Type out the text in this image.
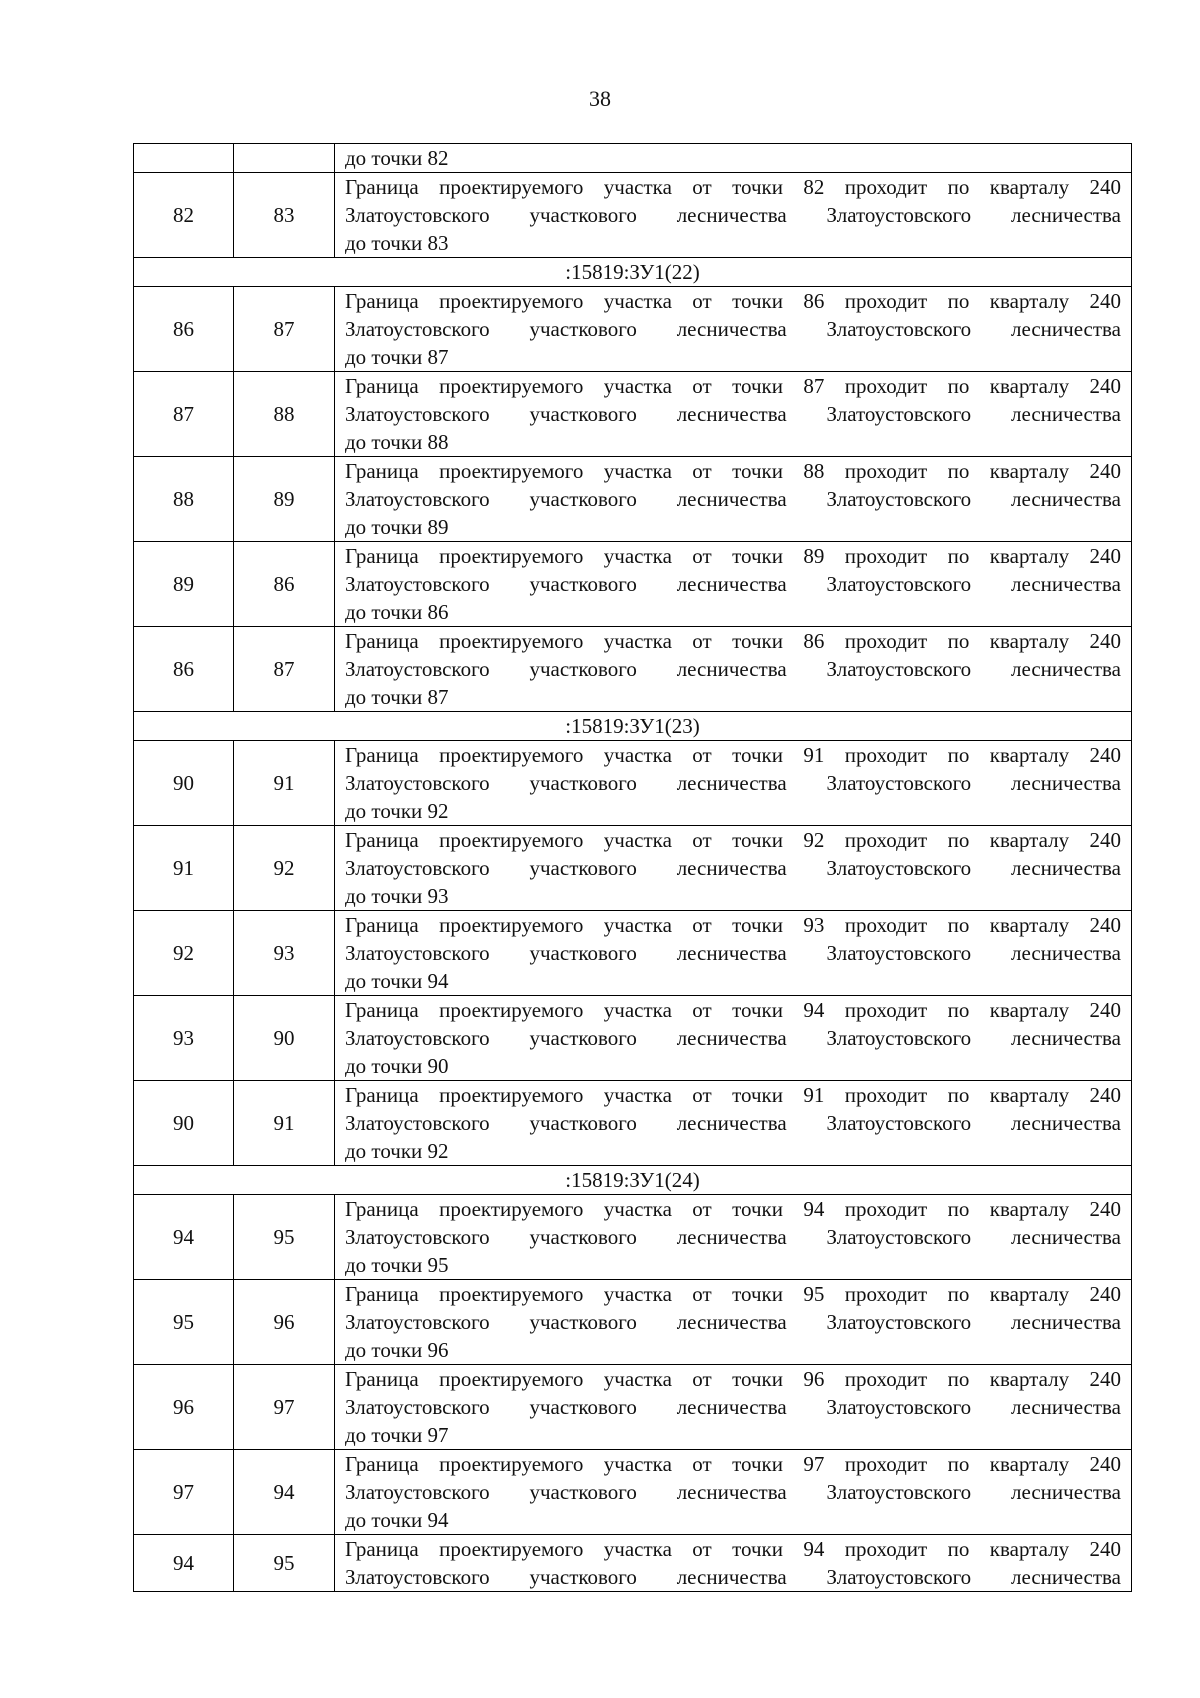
38

		до точки 82

82	83	Граница проектируемого участка от точки 82 проходит по кварталу 240
Златоустовского участкового лесничества Златоустовского лесничества
до точки 83

:15819:ЗУ1(22)		
86	87	Граница проектируемого участка от точки 86 проходит по кварталу 240
Златоустовского участкового лесничества Златоустовского лесничества
до точки 87

87	88	Граница проектируемого участка от точки 87 проходит по кварталу 240
Златоустовского участкового лесничества Златоустовского лесничества
до точки 88

88	89	Граница проектируемого участка от точки 88 проходит по кварталу 240
Златоустовского участкового лесничества Златоустовского лесничества
до точки 89

89	86	Граница проектируемого участка от точки 89 проходит по кварталу 240
Златоустовского участкового лесничества Златоустовского лесничества
до точки 86

86	87	Граница проектируемого участка от точки 86 проходит по кварталу 240
Златоустовского участкового лесничества Златоустовского лесничества
до точки 87

:15819:ЗУ1(23)		
90	91	Граница проектируемого участка от точки 91 проходит по кварталу 240
Златоустовского участкового лесничества Златоустовского лесничества
до точки 92

91	92	Граница проектируемого участка от точки 92 проходит по кварталу 240
Златоустовского участкового лесничества Златоустовского лесничества
до точки 93

92	93	Граница проектируемого участка от точки 93 проходит по кварталу 240
Златоустовского участкового лесничества Златоустовского лесничества
до точки 94

93	90	Граница проектируемого участка от точки 94 проходит по кварталу 240
Златоустовского участкового лесничества Златоустовского лесничества
до точки 90

90	91	Граница проектируемого участка от точки 91 проходит по кварталу 240
Златоустовского участкового лесничества Златоустовского лесничества
до точки 92

:15819:ЗУ1(24)		
94	95	Граница проектируемого участка от точки 94 проходит по кварталу 240
Златоустовского участкового лесничества Златоустовского лесничества
до точки 95

95	96	Граница проектируемого участка от точки 95 проходит по кварталу 240
Златоустовского участкового лесничества Златоустовского лесничества
до точки 96

96	97	Граница проектируемого участка от точки 96 проходит по кварталу 240
Златоустовского участкового лесничества Златоустовского лесничества
до точки 97

97	94	Граница проектируемого участка от точки 97 проходит по кварталу 240
Златоустовского участкового лесничества Златоустовского лесничества
до точки 94

94	95	Граница проектируемого участка от точки 94 проходит по кварталу 240
Златоустовского участкового лесничества Златоустовского лесничества
